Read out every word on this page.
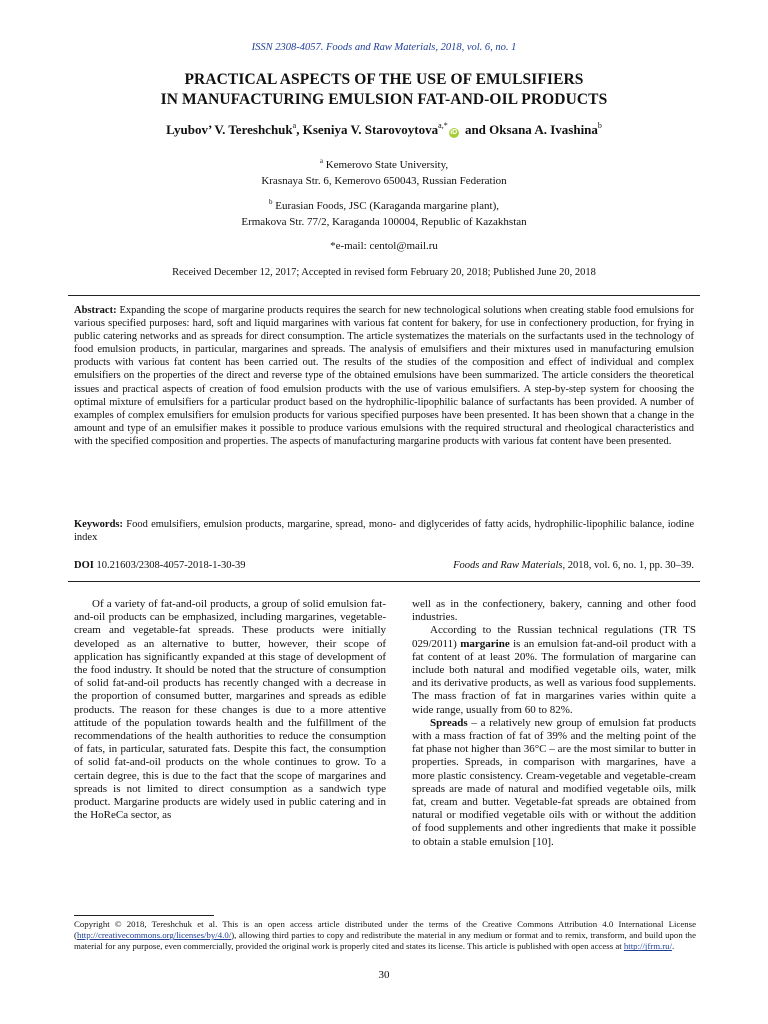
ISSN 2308-4057. Foods and Raw Materials, 2018, vol. 6, no. 1
PRACTICAL ASPECTS OF THE USE OF EMULSIFIERS
IN MANUFACTURING EMULSION FAT-AND-OIL PRODUCTS
Lyubov’ V. Tereshchuk$^a$, Kseniya V. Starovoytova$^{a,*}$iD and Oksana A. Ivashina$^b$
$^a$ Kemerovo State University,
Krasnaya Str. 6, Kemerovo 650043, Russian Federation
$^b$ Eurasian Foods, JSC (Karaganda margarine plant),
Ermakova Str. 77/2, Karaganda 100004, Republic of Kazakhstan
*e-mail: centol@mail.ru
Received December 12, 2017; Accepted in revised form February 20, 2018; Published June 20, 2018
Abstract: Expanding the scope of margarine products requires the search for new technological solutions when creating stable food emulsions for various specified purposes: hard, soft and liquid margarines with various fat content for bakery, for use in confectionery production, for frying in public catering networks and as spreads for direct consumption. The article systematizes the materials on the surfactants used in the technology of food emulsion products, in particular, margarines and spreads. The analysis of emulsifiers and their mixtures used in manufacturing emulsion products with various fat content has been carried out. The results of the studies of the composition and effect of individual and complex emulsifiers on the properties of the direct and reverse type of the obtained emulsions have been summarized. The article considers the theoretical issues and practical aspects of creation of food emulsion products with the use of various emulsifiers. A step-by-step system for choosing the optimal mixture of emulsifiers for a particular product based on the hydrophilic-lipophilic balance of surfactants has been provided. A number of examples of complex emulsifiers for emulsion products for various specified purposes have been presented. It has been shown that a change in the amount and type of an emulsifier makes it possible to produce various emulsions with the required structural and rheological characteristics and with the specified composition and properties. The aspects of manufacturing margarine products with various fat content have been presented.
Keywords: Food emulsifiers, emulsion products, margarine, spread, mono- and diglycerides of fatty acids, hydrophilic-lipophilic balance, iodine index
DOI 10.21603/2308-4057-2018-1-30-39	Foods and Raw Materials, 2018, vol. 6, no. 1, pp. 30–39.

Of a variety of fat-and-oil products, a group of solid emulsion fat-and-oil products can be emphasized, including margarines, vegetable-cream and vegetable-fat spreads. These products were initially developed as an alternative to butter, however, their scope of application has significantly expanded at this stage of development of the food industry. It should be noted that the structure of consumption of solid fat-and-oil products has recently changed with a decrease in the proportion of consumed butter, margarines and spreads as edible products. The reason for these changes is due to a more attentive attitude of the population towards health and the fulfillment of the recommendations of the health authorities to reduce the consumption of fats, in particular, saturated fats. Despite this fact, the consumption of solid fat-and-oil products on the whole continues to grow. To a certain degree, this is due to the fact that the scope of margarines and spreads is not limited to direct consumption as a sandwich type product. Margarine products are widely used in public catering and in the HoReCa sector, as

well as in the confectionery, bakery, canning and other food industries.

According to the Russian technical regulations (TR TS 029/2011) margarine is an emulsion fat-and-oil product with a fat content of at least 20%. The formulation of margarine can include both natural and modified vegetable oils, water, milk and its derivative products, as well as various food supplements. The mass fraction of fat in margarines varies within quite a wide range, usually from 60 to 82%.

Spreads – a relatively new group of emulsion fat products with a mass fraction of fat of 39% and the melting point of the fat phase not higher than 36°C – are the most similar to butter in properties. Spreads, in comparison with margarines, have a more plastic consistency. Cream-vegetable and vegetable-cream spreads are made of natural and modified vegetable oils, milk fat, cream and butter. Vegetable-fat spreads are obtained from natural or modified vegetable oils with or without the addition of food supplements and other ingredients that make it possible to obtain a stable emulsion [10].

Copyright © 2018, Tereshchuk et al. This is an open access article distributed under the terms of the Creative Commons Attribution 4.0 International License (http://creativecommons.org/licenses/by/4.0/), allowing third parties to copy and redistribute the material in any medium or format and to remix, transform, and build upon the material for any purpose, even commercially, provided the original work is properly cited and states its license. This article is published with open access at http://jfrm.ru/.
30
